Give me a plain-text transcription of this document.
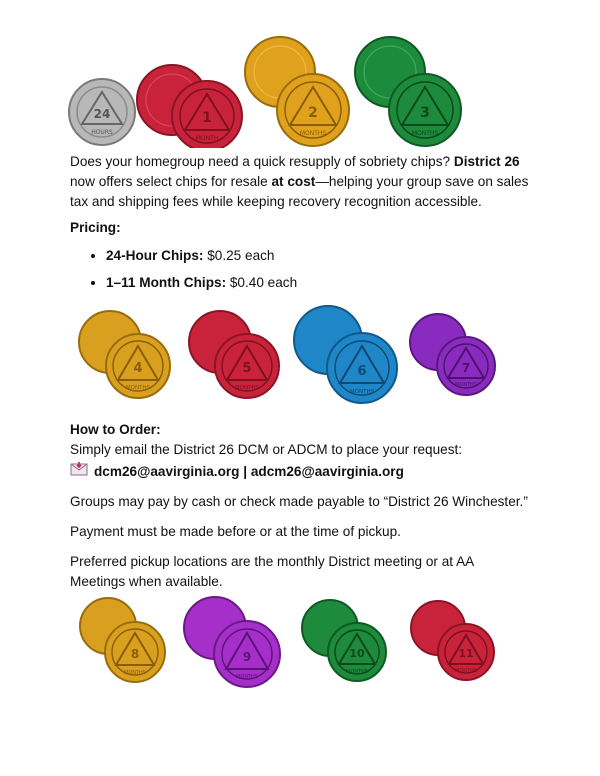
24
HOURS
1
MONTH
2
MONTHS
3
MONTHS

Does your homegroup need a quick resupply of sobriety chips? District 26 now offers select chips for resale at cost—helping your group save on sales tax and shipping fees while keeping recovery recognition accessible.

Pricing:

• 24-Hour Chips: $0.25 each
• 1–11 Month Chips: $0.40 each
4
MONTHS
5
MONTHS
6
MONTHS
7
MONTHS

How to Order:

Simply email the District 26 DCM or ADCM to place your request:

dcm26@aavirginia.org | adcm26@aavirginia.org

Groups may pay by cash or check made payable to “District 26 Winchester.”

Payment must be made before or at the time of pickup.

Preferred pickup locations are the monthly District meeting or at AA Meetings when available.

8
MONTHS
9
MONTHS
10
MONTHS
11
MONTHS
